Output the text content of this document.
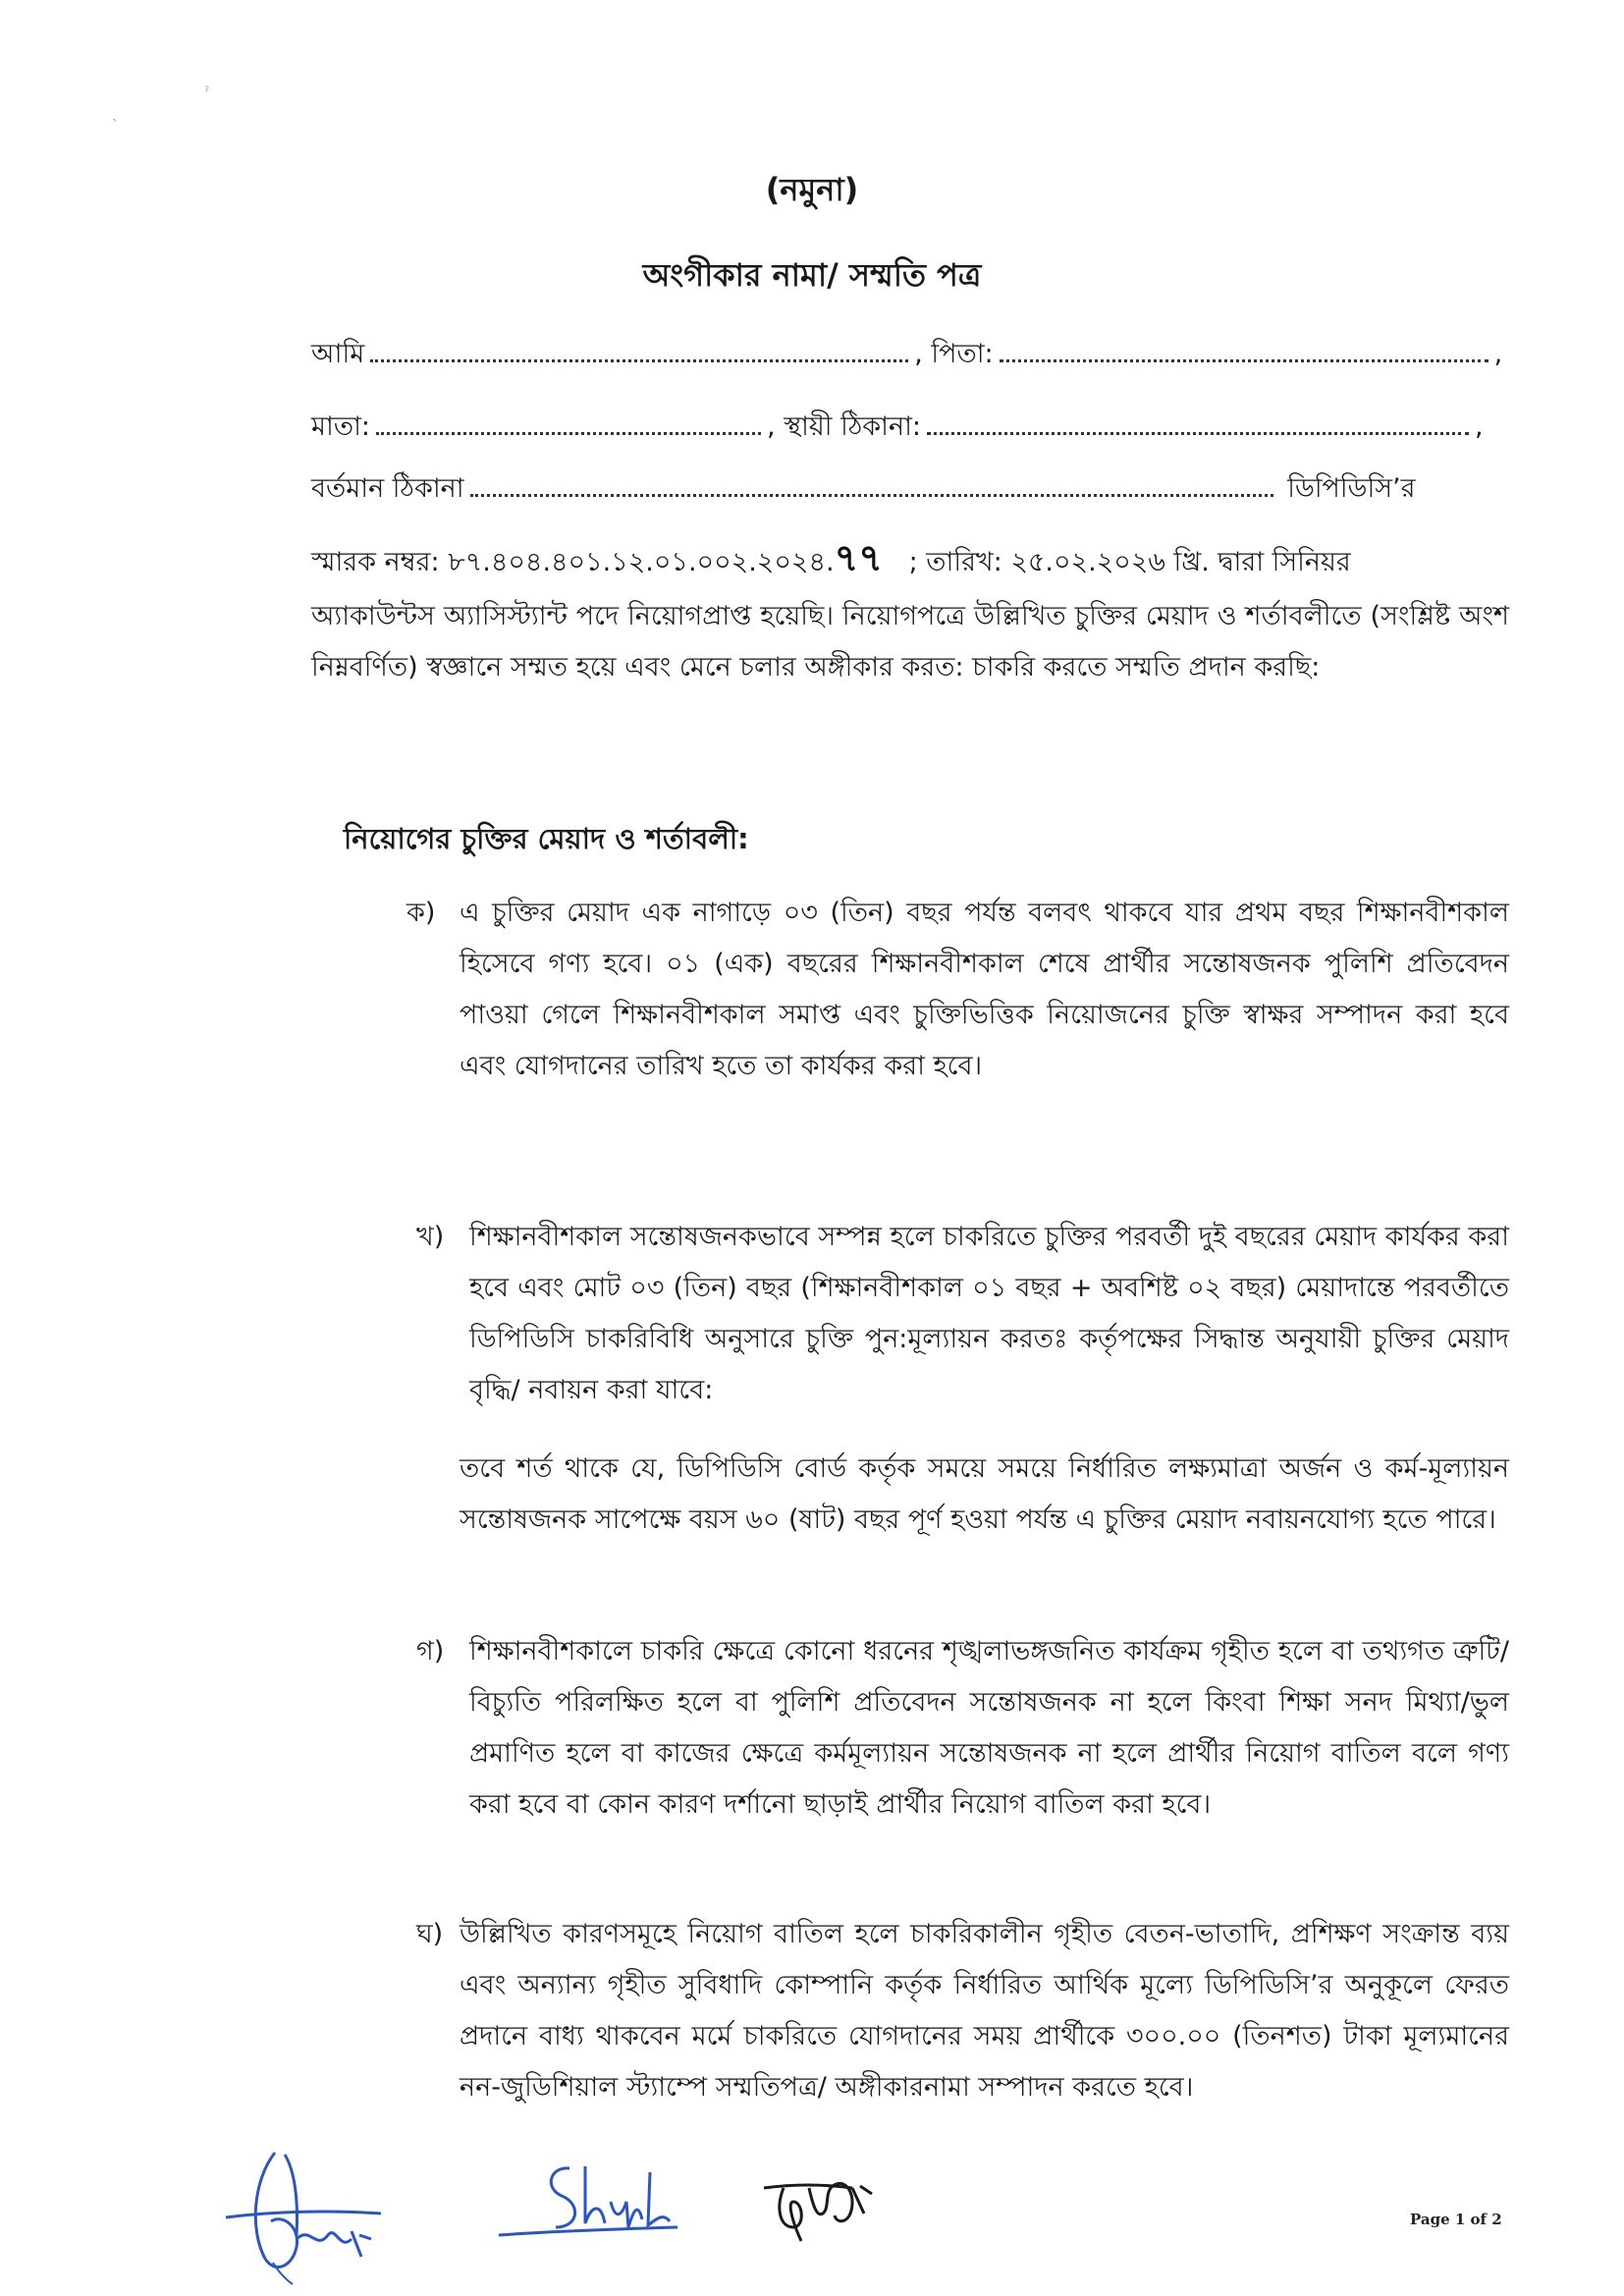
ˎ
ˀ
(নমুনা)
অংগীকার নামা/ সম্মতি পত্র
আমি	, পিতা:	,
মাতা:	, স্থায়ী ঠিকানা:	,
বর্তমান ঠিকানা	ডিপিডিসি’র
স্মারক নম্বর: ৮৭.৪০৪.৪০১.১২.০১.০০২.২০২৪.৭৭ ; তারিখ: ২৫.০২.২০২৬ খ্রি. দ্বারা সিনিয়র
অ্যাকাউন্টস অ্যাসিস্ট্যান্ট পদে নিয়োগপ্রাপ্ত হয়েছি। নিয়োগপত্রে উল্লিখিত চুক্তির মেয়াদ ও শর্তাবলীতে (সংশ্লিষ্ট অংশ নিম্নবর্ণিত) স্বজ্ঞানে সম্মত হয়ে এবং মেনে চলার অঙ্গীকার করত: চাকরি করতে সম্মতি প্রদান করছি:
নিয়োগের চুক্তির মেয়াদ ও শর্তাবলী:
ক) এ চুক্তির মেয়াদ এক নাগাড়ে ০৩ (তিন) বছর পর্যন্ত বলবৎ থাকবে যার প্রথম বছর শিক্ষানবীশকাল হিসেবে গণ্য হবে। ০১ (এক) বছরের শিক্ষানবীশকাল শেষে প্রার্থীর সন্তোষজনক পুলিশি প্রতিবেদন পাওয়া গেলে শিক্ষানবীশকাল সমাপ্ত এবং চুক্তিভিত্তিক নিয়োজনের চুক্তি স্বাক্ষর সম্পাদন করা হবে এবং যোগদানের তারিখ হতে তা কার্যকর করা হবে।
খ) শিক্ষানবীশকাল সন্তোষজনকভাবে সম্পন্ন হলে চাকরিতে চুক্তির পরবর্তী দুই বছরের মেয়াদ কার্যকর করা হবে এবং মোট ০৩ (তিন) বছর (শিক্ষানবীশকাল ০১ বছর + অবশিষ্ট ০২ বছর) মেয়াদান্তে পরবর্তীতে ডিপিডিসি চাকরিবিধি অনুসারে চুক্তি পুন:মূল্যায়ন করতঃ কর্তৃপক্ষের সিদ্ধান্ত অনুযায়ী চুক্তির মেয়াদ বৃদ্ধি/ নবায়ন করা যাবে:
তবে শর্ত থাকে যে, ডিপিডিসি বোর্ড কর্তৃক সময়ে সময়ে নির্ধারিত লক্ষ্যমাত্রা অর্জন ও কর্ম-মূল্যায়ন সন্তোষজনক সাপেক্ষে বয়স ৬০ (ষাট) বছর পূর্ণ হওয়া পর্যন্ত এ চুক্তির মেয়াদ নবায়নযোগ্য হতে পারে।
গ) শিক্ষানবীশকালে চাকরি ক্ষেত্রে কোনো ধরনের শৃঙ্খলাভঙ্গজনিত কার্যক্রম গৃহীত হলে বা তথ্যগত ত্রুটি/বিচ্যুতি পরিলক্ষিত হলে বা পুলিশি প্রতিবেদন সন্তোষজনক না হলে কিংবা শিক্ষা সনদ মিথ্যা/ভুল প্রমাণিত হলে বা কাজের ক্ষেত্রে কর্মমূল্যায়ন সন্তোষজনক না হলে প্রার্থীর নিয়োগ বাতিল বলে গণ্য করা হবে বা কোন কারণ দর্শানো ছাড়াই প্রার্থীর নিয়োগ বাতিল করা হবে।
ঘ) উল্লিখিত কারণসমূহে নিয়োগ বাতিল হলে চাকরিকালীন গৃহীত বেতন-ভাতাদি, প্রশিক্ষণ সংক্রান্ত ব্যয় এবং অন্যান্য গৃহীত সুবিধাদি কোম্পানি কর্তৃক নির্ধারিত আর্থিক মূল্যে ডিপিডিসি’র অনুকূলে ফেরত প্রদানে বাধ্য থাকবেন মর্মে চাকরিতে যোগদানের সময় প্রার্থীকে ৩০০.০০ (তিনশত) টাকা মূল্যমানের নন-জুডিশিয়াল স্ট্যাম্পে সম্মতিপত্র/ অঙ্গীকারনামা সম্পাদন করতে হবে।
Page 1 of 2
